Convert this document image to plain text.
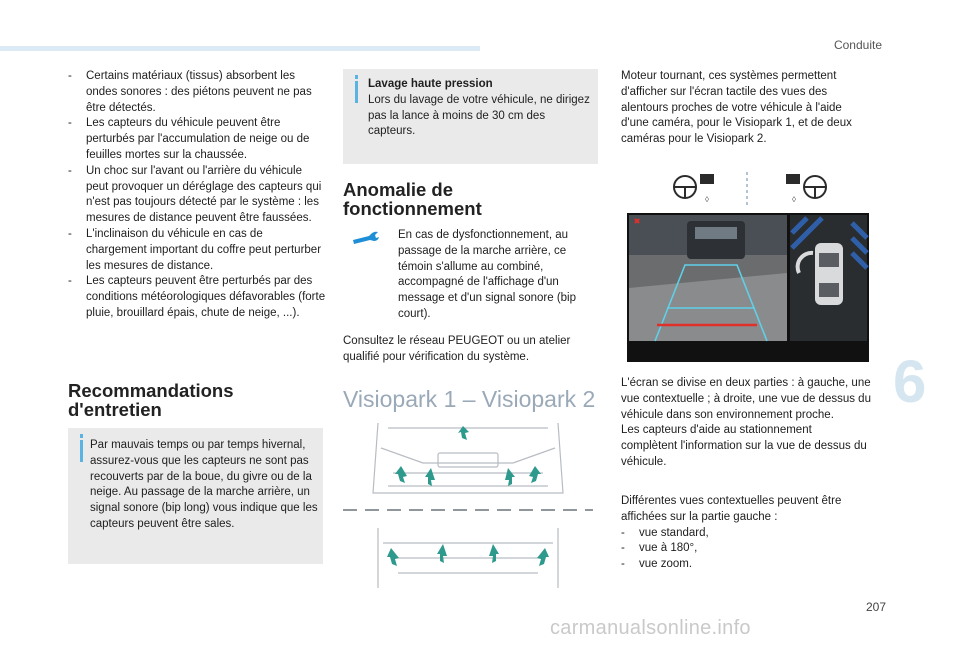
Conduite
6
207
carmanualsonline.info
- Certains matériaux (tissus) absorbent les ondes sonores : des piétons peuvent ne pas être détectés.
- Les capteurs du véhicule peuvent être perturbés par l'accumulation de neige ou de feuilles mortes sur la chaussée.
- Un choc sur l'avant ou l'arrière du véhicule peut provoquer un déréglage des capteurs qui n'est pas toujours détecté par le système : les mesures de distance peuvent être faussées.
- L'inclinaison du véhicule en cas de chargement important du coffre peut perturber les mesures de distance.
- Les capteurs peuvent être perturbés par des conditions météorologiques défavorables (forte pluie, brouillard épais, chute de neige, ...).
Recommandations d'entretien

Par mauvais temps ou par temps hivernal, assurez-vous que les capteurs ne sont pas recouverts par de la boue, du givre ou de la neige. Au passage de la marche arrière, un signal sonore (bip long) vous indique que les capteurs peuvent être sales.

Lavage haute pression

Lors du lavage de votre véhicule, ne dirigez pas la lance à moins de 30 cm des capteurs.

Anomalie de fonctionnement

En cas de dysfonctionnement, au passage de la marche arrière, ce témoin s'allume au combiné, accompagné de l'affichage d'un message et d'un signal sonore (bip court).

Consultez le réseau PEUGEOT ou un atelier qualifié pour vérification du système.

Visiopark 1 – Visiopark 2

Moteur tournant, ces systèmes permettent d'afficher sur l'écran tactile des vues des alentours proches de votre véhicule à l'aide d'une caméra, pour le Visiopark 1, et de deux caméras pour le Visiopark 2.

◊	◊

L'écran se divise en deux parties : à gauche, une vue contextuelle ; à droite, une vue de dessus du véhicule dans son environnement proche.

Les capteurs d'aide au stationnement complètent l'information sur la vue de dessus du véhicule.

Différentes vues contextuelles peuvent être affichées sur la partie gauche :

- vue standard,
- vue à 180°,
- vue zoom.
